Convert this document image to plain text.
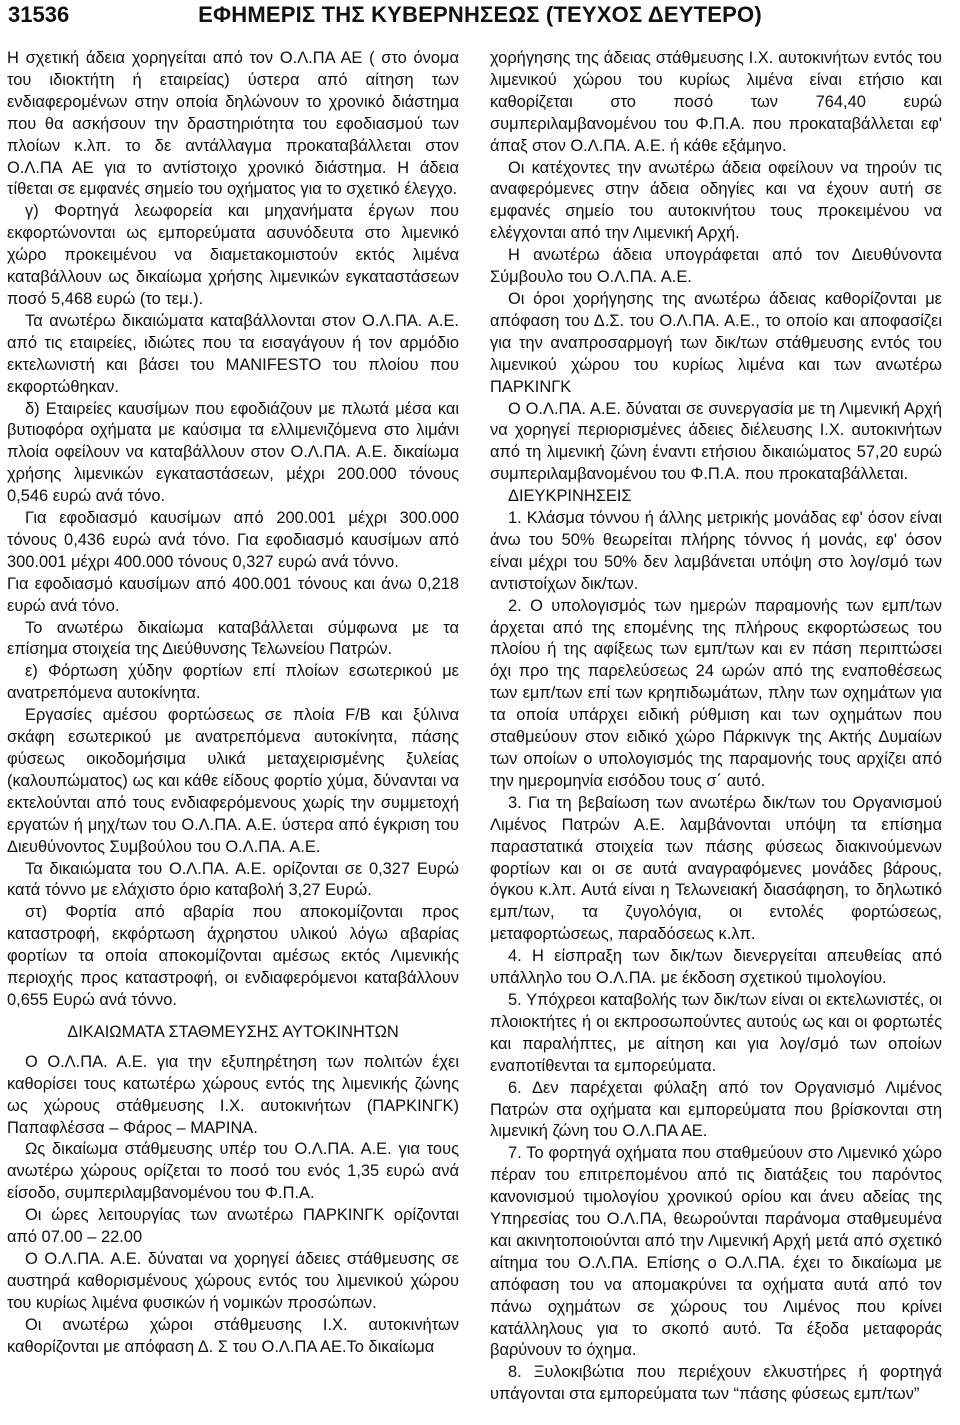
31536	ΕΦΗΜΕΡΙΣ ΤΗΣ ΚΥΒΕΡΝΗΣΕΩΣ (ΤΕΥΧΟΣ ΔΕΥΤΕΡΟ)

Η σχετική άδεια χορηγείται από τον Ο.Λ.ΠΑ ΑΕ ( στο όνομα του ιδιοκτήτη ή εταιρείας) ύστερα από αίτηση των ενδιαφερομένων στην οποία δηλώνουν το χρονικό διάστημα που θα ασκήσουν την δραστηριότητα του εφοδιασμού των πλοίων κ.λπ. το δε αντάλλαγμα προκαταβάλλεται στον Ο.Λ.ΠΑ ΑΕ για το αντίστοιχο χρονικό διάστημα. Η άδεια τίθεται σε εμφανές σημείο του οχήματος για το σχετικό έλεγχο.

γ) Φορτηγά λεωφορεία και μηχανήματα έργων που εκφορτώνονται ως εμπορεύματα ασυνόδευτα στο λιμενικό χώρο προκειμένου να διαμετακομιστούν εκτός λιμένα καταβάλλουν ως δικαίωμα χρήσης λιμενικών εγκαταστάσεων ποσό 5,468 ευρώ (το τεμ.).

Τα ανωτέρω δικαιώματα καταβάλλονται στον Ο.Λ.ΠΑ. Α.Ε. από τις εταιρείες, ιδιώτες που τα εισαγάγουν ή τον αρμόδιο εκτελωνιστή και βάσει του MANIFESTO του πλοίου που εκφορτώθηκαν.

δ) Εταιρείες καυσίμων που εφοδιάζουν με πλωτά μέσα και βυτιοφόρα οχήματα με καύσιμα τα ελλιμενιζόμενα στο λιμάνι πλοία οφείλουν να καταβάλλουν στον Ο.Λ.ΠΑ. Α.Ε. δικαίωμα χρήσης λιμενικών εγκαταστάσεων, μέχρι 200.000 τόνους 0,546 ευρώ ανά τόνο.

Για εφοδιασμό καυσίμων από 200.001 μέχρι 300.000 τόνους 0,436 ευρώ ανά τόνο. Για εφοδιασμό καυσίμων από 300.001 μέχρι 400.000 τόνους 0,327 ευρώ ανά τόννο.

Για εφοδιασμό καυσίμων από 400.001 τόνους και άνω 0,218 ευρώ ανά τόνο.

Το ανωτέρω δικαίωμα καταβάλλεται σύμφωνα με τα επίσημα στοιχεία της Διεύθυνσης Τελωνείου Πατρών.

ε) Φόρτωση χύδην φορτίων επί πλοίων εσωτερικού με ανατρεπόμενα αυτοκίνητα.

Εργασίες αμέσου φορτώσεως σε πλοία F/B και ξύλινα σκάφη εσωτερικού με ανατρεπόμενα αυτοκίνητα, πάσης φύσεως οικοδομήσιμα υλικά μεταχειρισμένης ξυλείας (καλουπώματος) ως και κάθε είδους φορτίο χύμα, δύνανται να εκτελούνται από τους ενδιαφερόμενους χωρίς την συμμετοχή εργατών ή μηχ/των του Ο.Λ.ΠΑ. Α.Ε. ύστερα από έγκριση του Διευθύνοντος Συμβούλου του Ο.Λ.ΠΑ. Α.Ε.

Τα δικαιώματα του Ο.Λ.ΠΑ. Α.Ε. ορίζονται σε 0,327 Ευρώ κατά τόννο με ελάχιστο όριο καταβολή 3,27 Ευρώ.

στ) Φορτία από αβαρία που αποκομίζονται προς καταστροφή, εκφόρτωση άχρηστου υλικού λόγω αβαρίας φορτίων τα οποία αποκομίζονται αμέσως εκτός Λιμενικής περιοχής προς καταστροφή, οι ενδιαφερόμενοι καταβάλλουν 0,655 Ευρώ ανά τόννο.

ΔΙΚΑΙΩΜΑΤΑ ΣΤΑΘΜΕΥΣΗΣ ΑΥΤΟΚΙΝΗΤΩΝ

Ο Ο.Λ.ΠΑ. Α.Ε. για την εξυπηρέτηση των πολιτών έχει καθορίσει τους κατωτέρω χώρους εντός της λιμενικής ζώνης ως χώρους στάθμευσης Ι.Χ. αυτοκινήτων (ΠΑΡΚΙΝΓΚ) Παπαφλέσσα – Φάρος – ΜΑΡΙΝΑ.

Ως δικαίωμα στάθμευσης υπέρ του Ο.Λ.ΠΑ. Α.Ε. για τους ανωτέρω χώρους ορίζεται το ποσό του ενός 1,35 ευρώ ανά είσοδο, συμπεριλαμβανομένου του Φ.Π.Α.

Οι ώρες λειτουργίας των ανωτέρω ΠΑΡΚΙΝΓΚ ορίζονται από 07.00 – 22.00

Ο Ο.Λ.ΠΑ. Α.Ε. δύναται να χορηγεί άδειες στάθμευσης σε αυστηρά καθορισμένους χώρους εντός του λιμενικού χώρου του κυρίως λιμένα φυσικών ή νομικών προσώπων.

Οι ανωτέρω χώροι στάθμευσης Ι.Χ. αυτοκινήτων καθορίζονται με απόφαση Δ. Σ του Ο.Λ.ΠΑ ΑΕ.Το δικαίωμα

χορήγησης της άδειας στάθμευσης Ι.Χ. αυτοκινήτων εντός του λιμενικού χώρου του κυρίως λιμένα είναι ετήσιο και καθορίζεται στο ποσό των 764,40 ευρώ συμπεριλαμβανομένου του Φ.Π.Α. που προκαταβάλλεται εφ' άπαξ στον Ο.Λ.ΠΑ. Α.Ε. ή κάθε εξάμηνο.

Οι κατέχοντες την ανωτέρω άδεια οφείλουν να τηρούν τις αναφερόμενες στην άδεια οδηγίες και να έχουν αυτή σε εμφανές σημείο του αυτοκινήτου τους προκειμένου να ελέγχονται από την Λιμενική Αρχή.

Η ανωτέρω άδεια υπογράφεται από τον Διευθύνοντα Σύμβουλο του Ο.Λ.ΠΑ. Α.Ε.

Οι όροι χορήγησης της ανωτέρω άδειας καθορίζονται με απόφαση του Δ.Σ. του Ο.Λ.ΠΑ. Α.Ε., το οποίο και αποφασίζει για την αναπροσαρμογή των δικ/των στάθμευσης εντός του λιμενικού χώρου του κυρίως λιμένα και των ανωτέρω ΠΑΡΚΙΝΓΚ

Ο Ο.Λ.ΠΑ. Α.Ε. δύναται σε συνεργασία με τη Λιμενική Αρχή να χορηγεί περιορισμένες άδειες διέλευσης Ι.Χ. αυτοκινήτων από τη λιμενική ζώνη έναντι ετήσιου δικαιώματος 57,20 ευρώ συμπεριλαμβανομένου του Φ.Π.Α. που προκαταβάλλεται.

ΔΙΕΥΚΡΙΝΗΣΕΙΣ

1. Κλάσμα τόννου ή άλλης μετρικής μονάδας εφ' όσον είναι άνω του 50% θεωρείται πλήρης τόννος ή μονάς, εφ' όσον είναι μέχρι του 50% δεν λαμβάνεται υπόψη στο λογ/σμό των αντιστοίχων δικ/των.

2. Ο υπολογισμός των ημερών παραμονής των εμπ/των άρχεται από της επομένης της πλήρους εκφορτώσεως του πλοίου ή της αφίξεως των εμπ/των και εν πάση περιπτώσει όχι προ της παρελεύσεως 24 ωρών από της εναποθέσεως των εμπ/των επί των κρηπιδωμάτων, πλην των οχημάτων για τα οποία υπάρχει ειδική ρύθμιση και των οχημάτων που σταθμεύουν στον ειδικό χώρο Πάρκινγκ της Ακτής Δυμαίων των οποίων ο υπολογισμός της παραμονής τους αρχίζει από την ημερομηνία εισόδου τους σ΄ αυτό.

3. Για τη βεβαίωση των ανωτέρω δικ/των του Οργανισμού Λιμένος Πατρών Α.Ε. λαμβάνονται υπόψη τα επίσημα παραστατικά στοιχεία των πάσης φύσεως διακινούμενων φορτίων και οι σε αυτά αναγραφόμενες μονάδες βάρους, όγκου κ.λπ. Αυτά είναι η Τελωνειακή διασάφηση, το δηλωτικό εμπ/των, τα ζυγολόγια, οι εντολές φορτώσεως, μεταφορτώσεως, παραδόσεως κ.λπ.

4. Η είσπραξη των δικ/των διενεργείται απευθείας από υπάλληλο του Ο.Λ.ΠΑ. με έκδοση σχετικού τιμολογίου.

5. Υπόχρεοι καταβολής των δικ/των είναι οι εκτελωνιστές, οι πλοιοκτήτες ή οι εκπροσωπούντες αυτούς ως και οι φορτωτές και παραλήπτες, με αίτηση και για λογ/σμό των οποίων εναποτίθενται τα εμπορεύματα.

6. Δεν παρέχεται φύλαξη από τον Οργανισμό Λιμένος Πατρών στα οχήματα και εμπορεύματα που βρίσκονται στη λιμενική ζώνη του Ο.Λ.ΠΑ ΑΕ.

7. Το φορτηγά οχήματα που σταθμεύουν στο Λιμενικό χώρο πέραν του επιτρεπομένου από τις διατάξεις του παρόντος κανονισμού τιμολογίου χρονικού ορίου και άνευ αδείας της Υπηρεσίας του Ο.Λ.ΠΑ, θεωρούνται παράνομα σταθμευμένα και ακινητοποιούνται από την Λιμενική Αρχή μετά από σχετικό αίτημα του Ο.Λ.ΠΑ. Επίσης ο Ο.Λ.ΠΑ. έχει το δικαίωμα με απόφαση του να απομακρύνει τα οχήματα αυτά από τον πάνω οχημάτων σε χώρους του Λιμένος που κρίνει κατάλληλους για το σκοπό αυτό. Τα έξοδα μεταφοράς βαρύνουν το όχημα.

8. Ξυλοκιβώτια που περιέχουν ελκυστήρες ή φορτηγά υπάγονται στα εμπορεύματα των “πάσης φύσεως εμπ/των”
